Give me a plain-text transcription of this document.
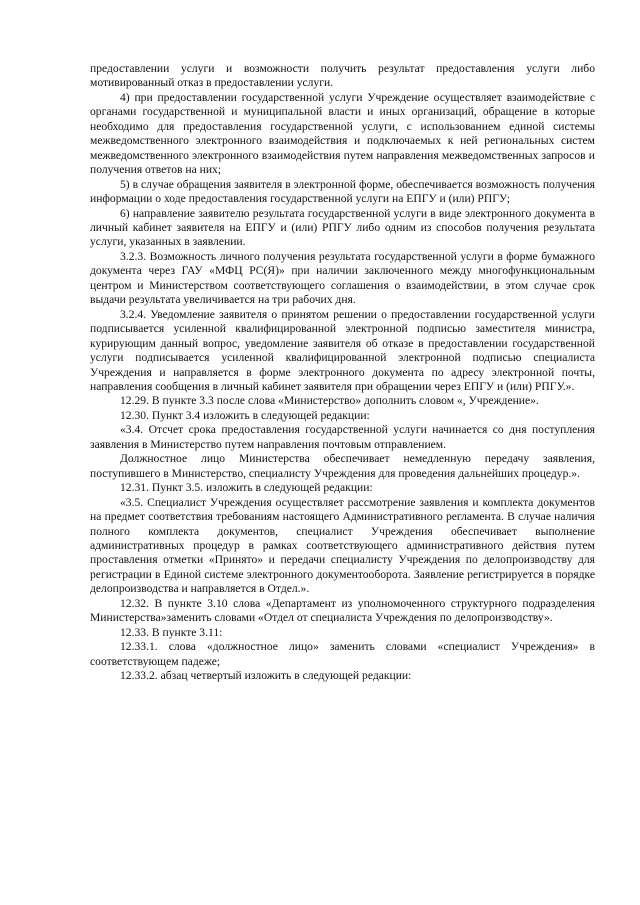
предоставлении услуги и возможности получить результат предоставления услуги либо мотивированный отказ в предоставлении услуги.

4) при предоставлении государственной услуги Учреждение осуществляет взаимодействие с органами государственной и муниципальной власти и иных организаций, обращение в которые необходимо для предоставления государственной услуги, с использованием единой системы межведомственного электронного взаимодействия и подключаемых к ней региональных систем межведомственного электронного взаимодействия путем направления межведомственных запросов и получения ответов на них;

5) в случае обращения заявителя в электронной форме, обеспечивается возможность получения информации о ходе предоставления государственной услуги на ЕПГУ и (или) РПГУ;

6) направление заявителю результата государственной услуги в виде электронного документа в личный кабинет заявителя на ЕПГУ и (или) РПГУ либо одним из способов получения результата услуги, указанных в заявлении.

3.2.3. Возможность личного получения результата государственной услуги в форме бумажного документа через ГАУ «МФЦ РС(Я)» при наличии заключенного между многофункциональным центром и Министерством соответствующего соглашения о взаимодействии, в этом случае срок выдачи результата увеличивается на три рабочих дня.

3.2.4. Уведомление заявителя о принятом решении о предоставлении государственной услуги подписывается усиленной квалифицированной электронной подписью заместителя министра, курирующим данный вопрос, уведомление заявителя об отказе в предоставлении государственной услуги подписывается усиленной квалифицированной электронной подписью специалиста Учреждения и направляется в форме электронного документа по адресу электронной почты, направления сообщения в личный кабинет заявителя при обращении через ЕПГУ и (или) РПГУ.».

12.29. В пункте 3.3 после слова «Министерство» дополнить словом «, Учреждение».

12.30. Пункт 3.4 изложить в следующей редакции:

«3.4. Отсчет срока предоставления государственной услуги начинается со дня поступления заявления в Министерство путем направления почтовым отправлением.

Должностное лицо Министерства обеспечивает немедленную передачу заявления, поступившего в Министерство, специалисту Учреждения для проведения дальнейших процедур.».

12.31. Пункт 3.5. изложить в следующей редакции:

«3.5. Специалист Учреждения осуществляет рассмотрение заявления и комплекта документов на предмет соответствия требованиям настоящего Административного регламента. В случае наличия полного комплекта документов, специалист Учреждения обеспечивает выполнение административных процедур в рамках соответствующего административного действия путем проставления отметки «Принято» и передачи специалисту Учреждения по делопроизводству для регистрации в Единой системе электронного документооборота. Заявление регистрируется в порядке делопроизводства и направляется в Отдел.».

12.32. В пункте 3.10 слова «Департамент из уполномоченного структурного подразделения Министерства»заменить словами «Отдел от специалиста Учреждения по делопроизводству».

12.33. В пункте 3.11:

12.33.1. слова «должностное лицо» заменить словами «специалист Учреждения» в соответствующем падеже;

12.33.2. абзац четвертый изложить в следующей редакции:
